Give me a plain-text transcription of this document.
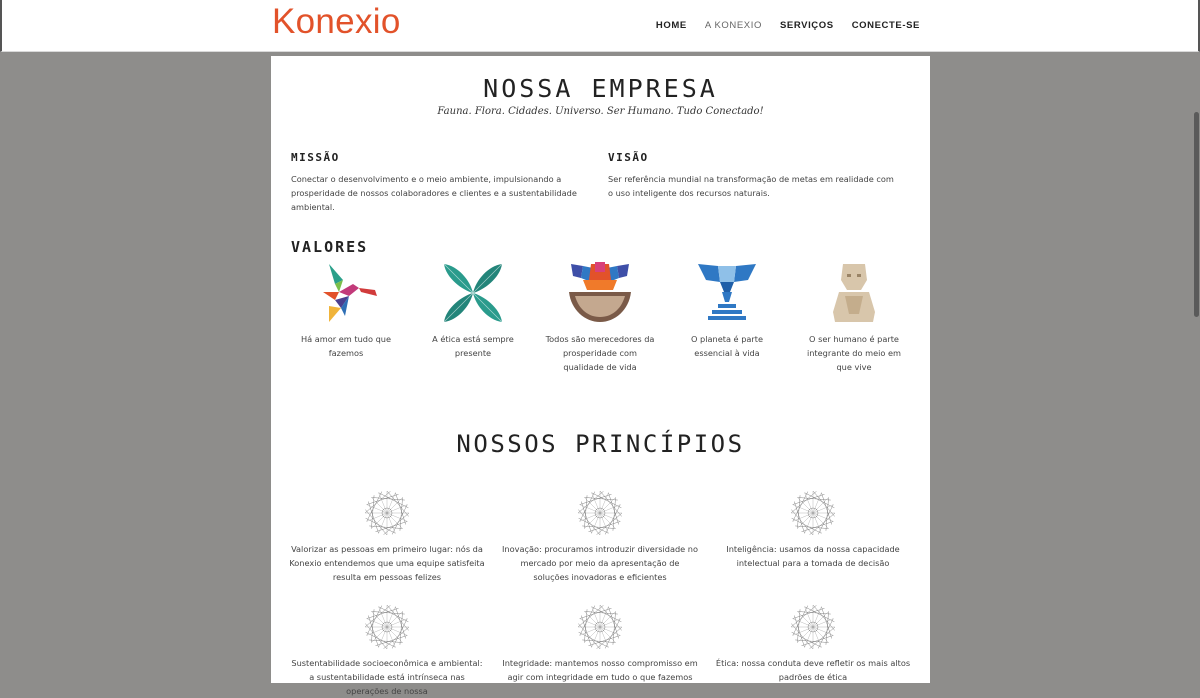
Konexio	HOME A KONEXIO SERVIÇOS CONECTE-SE
NOSSA EMPRESA
Fauna. Flora. Cidades. Universo. Ser Humano. Tudo Conectado!
MISSÃO

Conectar o desenvolvimento e o meio ambiente, impulsionando a prosperidade de nossos colaboradores e clientes e a sustentabilidade ambiental.

VISÃO

Ser referência mundial na transformação de metas em realidade com o uso inteligente dos recursos naturais.

VALORES

Há amor em tudo que fazemos

A ética está sempre presente

Todos são merecedores da prosperidade com qualidade de vida

O planeta é parte essencial à vida

O ser humano é parte integrante do meio em que vive

NOSSOS PRINCÍPIOS

Valorizar as pessoas em primeiro lugar: nós da Konexio entendemos que uma equipe satisfeita resulta em pessoas felizes

Inovação: procuramos introduzir diversidade no mercado por meio da apresentação de soluções inovadoras e eficientes

Inteligência: usamos da nossa capacidade intelectual para a tomada de decisão

Sustentabilidade socioeconômica e ambiental: a sustentabilidade está intrínseca nas operações de nossa

Integridade: mantemos nosso compromisso em agir com integridade em tudo o que fazemos

Ética: nossa conduta deve refletir os mais altos padrões de ética
